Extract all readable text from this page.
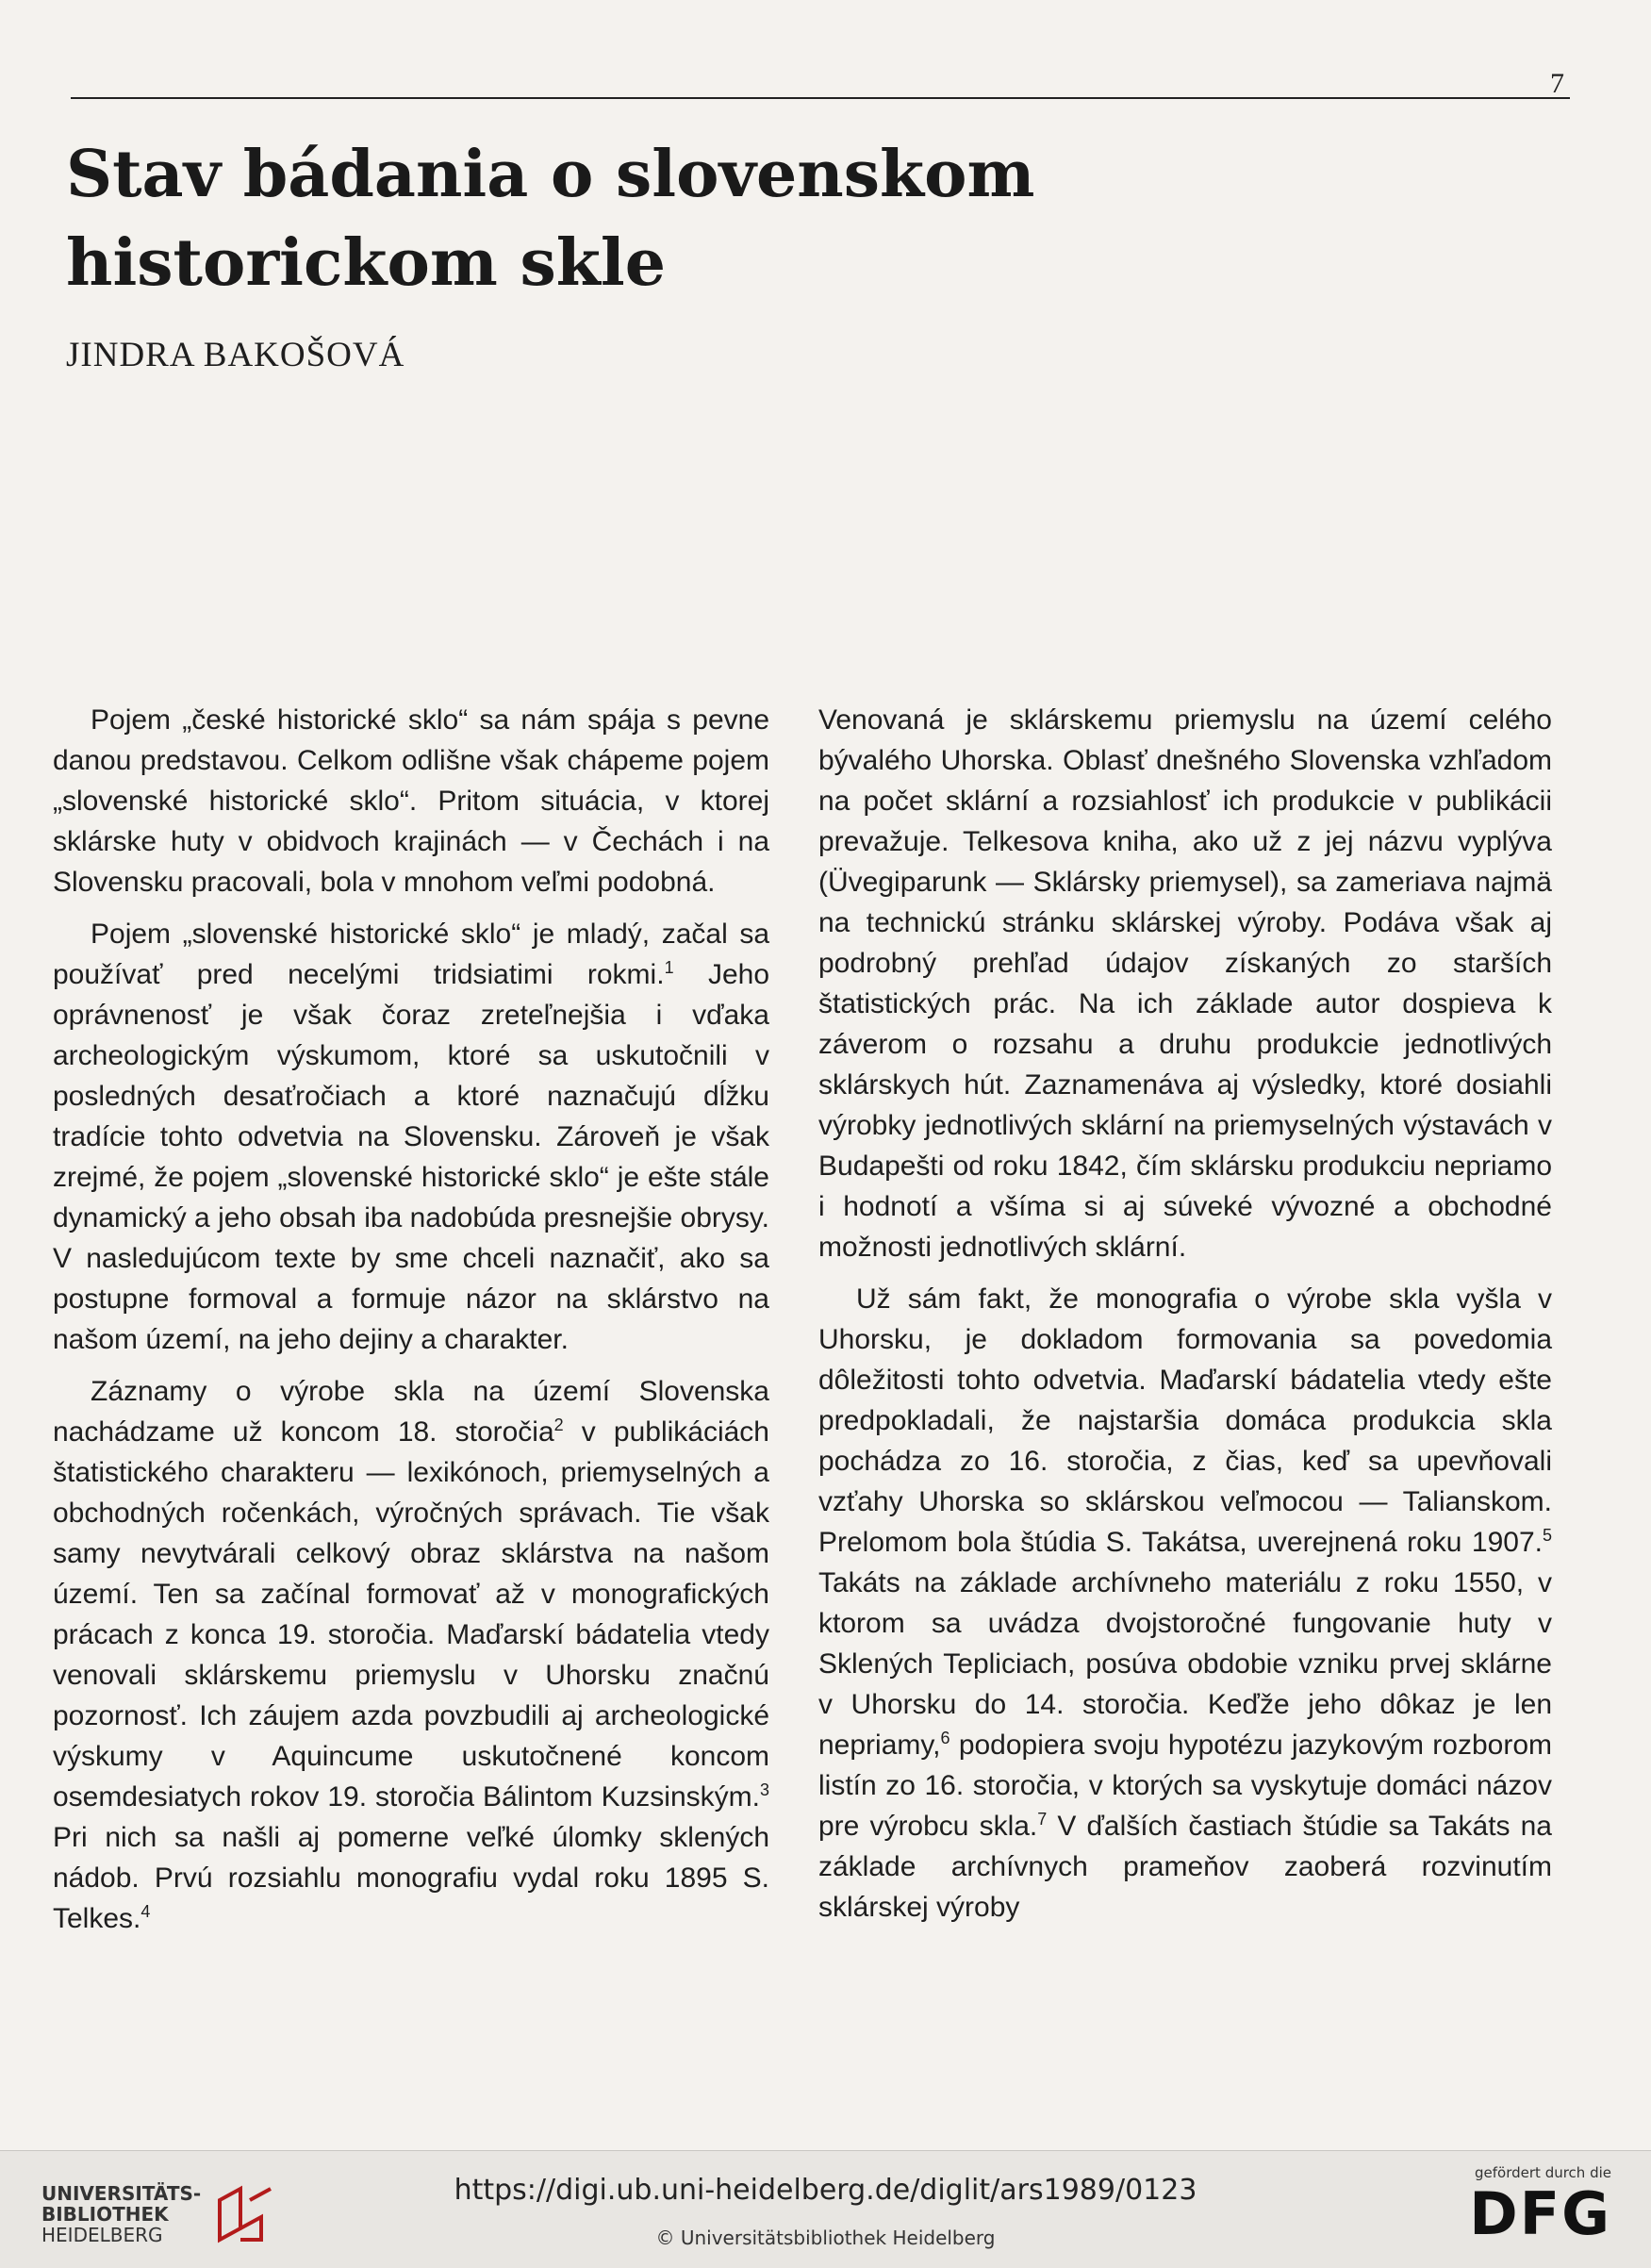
7
Stav bádania o slovenskom
historickom skle
JINDRA BAKOŠOVÁ

Pojem „české historické sklo“ sa nám spája s pevne danou predstavou. Celkom odlišne však chápeme pojem „slovenské historické sklo“. Pritom situácia, v ktorej sklárske huty v obidvoch krajinách — v Čechách i na Slovensku pracovali, bola v mnohom veľmi podobná.

Pojem „slovenské historické sklo“ je mladý, začal sa používať pred necelými tridsiatimi rokmi.$^1$ Jeho oprávnenosť je však čoraz zreteľnejšia i vďaka archeologickým výskumom, ktoré sa uskutočnili v posledných desaťročiach a ktoré naznačujú dĺžku tradície tohto odvetvia na Slovensku. Zároveň je však zrejmé, že pojem „slovenské historické sklo“ je ešte stále dynamický a jeho obsah iba nadobúda presnejšie obrysy. V nasledujúcom texte by sme chceli naznačiť, ako sa postupne formoval a formuje názor na sklárstvo na našom území, na jeho dejiny a charakter.

Záznamy o výrobe skla na území Slovenska nachádzame už koncom 18. storočia$^2$ v publikáciách štatistického charakteru — lexikónoch, priemyselných a obchodných ročenkách, výročných správach. Tie však samy nevytvárali celkový obraz sklárstva na našom území. Ten sa začínal formovať až v monografických prácach z konca 19. storočia. Maďarskí bádatelia vtedy venovali sklárskemu priemyslu v Uhorsku značnú pozornosť. Ich záujem azda povzbudili aj archeologické výskumy v Aquincume uskutočnené koncom osemdesiatych rokov 19. storočia Bálintom Kuzsinským.$^3$ Pri nich sa našli aj pomerne veľké úlomky sklených nádob. Prvú rozsiahlu monografiu vydal roku 1895 S. Telkes.$^4$

Venovaná je sklárskemu priemyslu na území celého bývalého Uhorska. Oblasť dnešného Slovenska vzhľadom na počet sklární a rozsiahlosť ich produkcie v publikácii prevažuje. Telkesova kniha, ako už z jej názvu vyplýva (Üvegiparunk — Sklársky priemysel), sa zameriava najmä na technickú stránku sklárskej výroby. Podáva však aj podrobný prehľad údajov získaných zo starších štatistických prác. Na ich základe autor dospieva k záverom o rozsahu a druhu produkcie jednotlivých sklárskych hút. Zaznamenáva aj výsledky, ktoré dosiahli výrobky jednotlivých sklární na priemyselných výstavách v Budapešti od roku 1842, čím sklársku produkciu nepriamo i hodnotí a všíma si aj súveké vývozné a obchodné možnosti jednotlivých sklární.

Už sám fakt, že monografia o výrobe skla vyšla v Uhorsku, je dokladom formovania sa povedomia dôležitosti tohto odvetvia. Maďarskí bádatelia vtedy ešte predpokladali, že najstaršia domáca produkcia skla pochádza zo 16. storočia, z čias, keď sa upevňovali vzťahy Uhorska so sklárskou veľmocou — Talianskom. Prelomom bola štúdia S. Takátsa, uverejnená roku 1907.$^5$ Takáts na základe archívneho materiálu z roku 1550, v ktorom sa uvádza dvojstoročné fungovanie huty v Sklených Tepliciach, posúva obdobie vzniku prvej sklárne v Uhorsku do 14. storočia. Keďže jeho dôkaz je len nepriamy,$^6$ podopiera svoju hypotézu jazykovým rozborom listín zo 16. storočia, v ktorých sa vyskytuje domáci názov pre výrobcu skla.$^7$ V ďalších častiach štúdie sa Takáts na základe archívnych prameňov zaoberá rozvinutím sklárskej výroby

UNIVERSITÄTS-
BIBLIOTHEK
HEIDELBERG
https://digi.ub.uni-heidelberg.de/diglit/ars1989/0123
© Universitätsbibliothek Heidelberg
gefördert durch die
DFG
